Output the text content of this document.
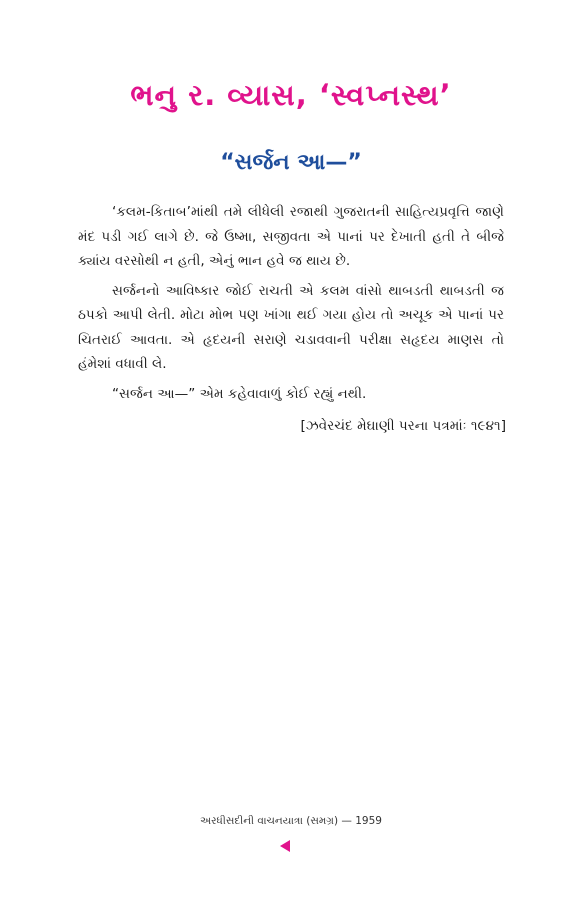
ભનુ ર. વ્યાસ, ‘સ્વપ્નસ્થ’
“સર્જન આ—”

‘કલમ-કિતાબ’માંથી તમે લીધેલી રજાથી ગુજરાતની સાહિત્યપ્રવૃત્તિ જાણે મંદ પડી ગઈ લાગે છે. જે ઉષ્મા, સજીવતા એ પાનાં પર દેખાતી હતી તે બીજે ક્યાંય વરસોથી ન હતી, એનું ભાન હવે જ થાય છે.

સર્જનનો આવિષ્કાર જોઈ રાચતી એ કલમ વાંસો થાબડતી થાબડતી જ ઠપકો આપી લેતી. મોટા મોભ પણ ખાંગા થઈ ગયા હોય તો અચૂક એ પાનાં પર ચિતરાઈ આવતા. એ હૃદયની સરાણે ચડાવવાની પરીક્ષા સહૃદય માણસ તો હંમેશાં વધાવી લે.

“સર્જન આ—” એમ કહેવાવાળું કોઈ રહ્યું નથી.

[ઝવેરચંદ મેઘાણી પરના પત્રમાંઃ ૧૯૪૧]

અરધીસદીની વાચનયાત્રા (સમગ્ર) — 1959
